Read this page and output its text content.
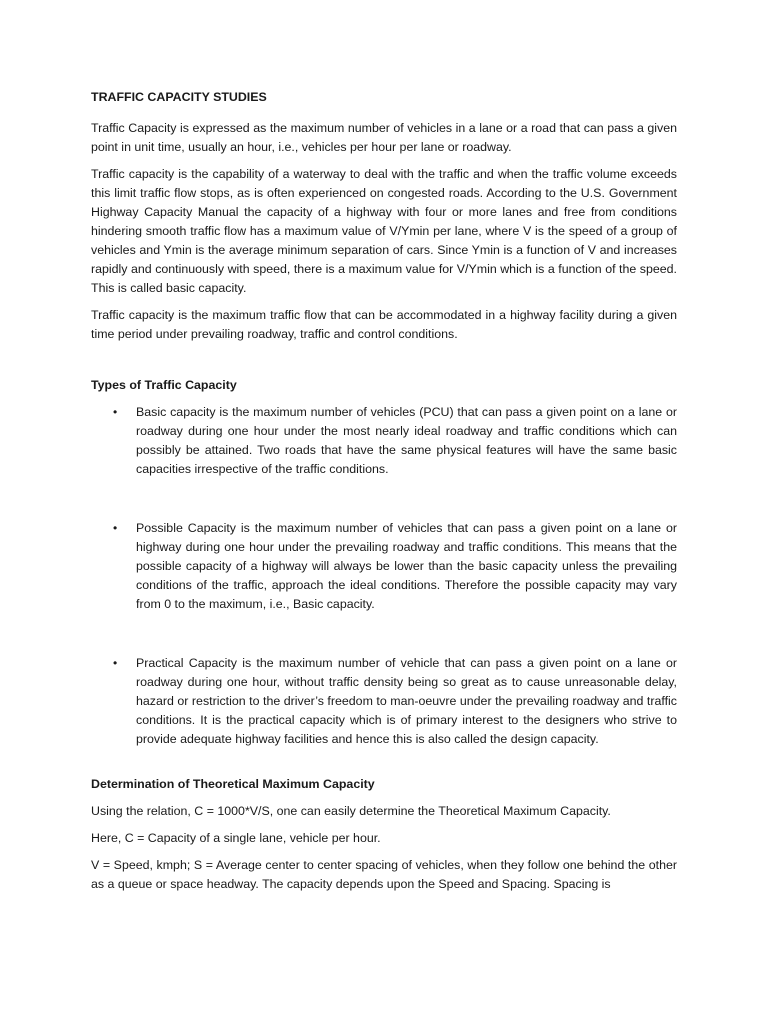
TRAFFIC CAPACITY STUDIES

Traffic Capacity is expressed as the maximum number of vehicles in a lane or a road that can pass a given point in unit time, usually an hour, i.e., vehicles per hour per lane or roadway.

Traffic capacity is the capability of a waterway to deal with the traffic and when the traffic volume exceeds this limit traffic flow stops, as is often experienced on congested roads. According to the U.S. Government Highway Capacity Manual the capacity of a highway with four or more lanes and free from conditions hindering smooth traffic flow has a maximum value of V/Ymin per lane, where V is the speed of a group of vehicles and Ymin is the average minimum separation of cars. Since Ymin is a function of V and increases rapidly and continuously with speed, there is a maximum value for V/Ymin which is a function of the speed. This is called basic capacity.

Traffic capacity is the maximum traffic flow that can be accommodated in a highway facility during a given time period under prevailing roadway, traffic and control conditions.

Types of Traffic Capacity
• Basic capacity is the maximum number of vehicles (PCU) that can pass a given point on a lane or roadway during one hour under the most nearly ideal roadway and traffic conditions which can possibly be attained. Two roads that have the same physical features will have the same basic capacities irrespective of the traffic conditions.
• Possible Capacity is the maximum number of vehicles that can pass a given point on a lane or highway during one hour under the prevailing roadway and traffic conditions. This means that the possible capacity of a highway will always be lower than the basic capacity unless the prevailing conditions of the traffic, approach the ideal conditions. Therefore the possible capacity may vary from 0 to the maximum, i.e., Basic capacity.
• Practical Capacity is the maximum number of vehicle that can pass a given point on a lane or roadway during one hour, without traffic density being so great as to cause unreasonable delay, hazard or restriction to the driver’s freedom to man-oeuvre under the prevailing roadway and traffic conditions. It is the practical capacity which is of primary interest to the designers who strive to provide adequate highway facilities and hence this is also called the design capacity.
Determination of Theoretical Maximum Capacity

Using the relation, C = 1000*V/S, one can easily determine the Theoretical Maximum Capacity.

Here, C = Capacity of a single lane, vehicle per hour.

V = Speed, kmph; S = Average center to center spacing of vehicles, when they follow one behind the other as a queue or space headway. The capacity depends upon the Speed and Spacing. Spacing is
